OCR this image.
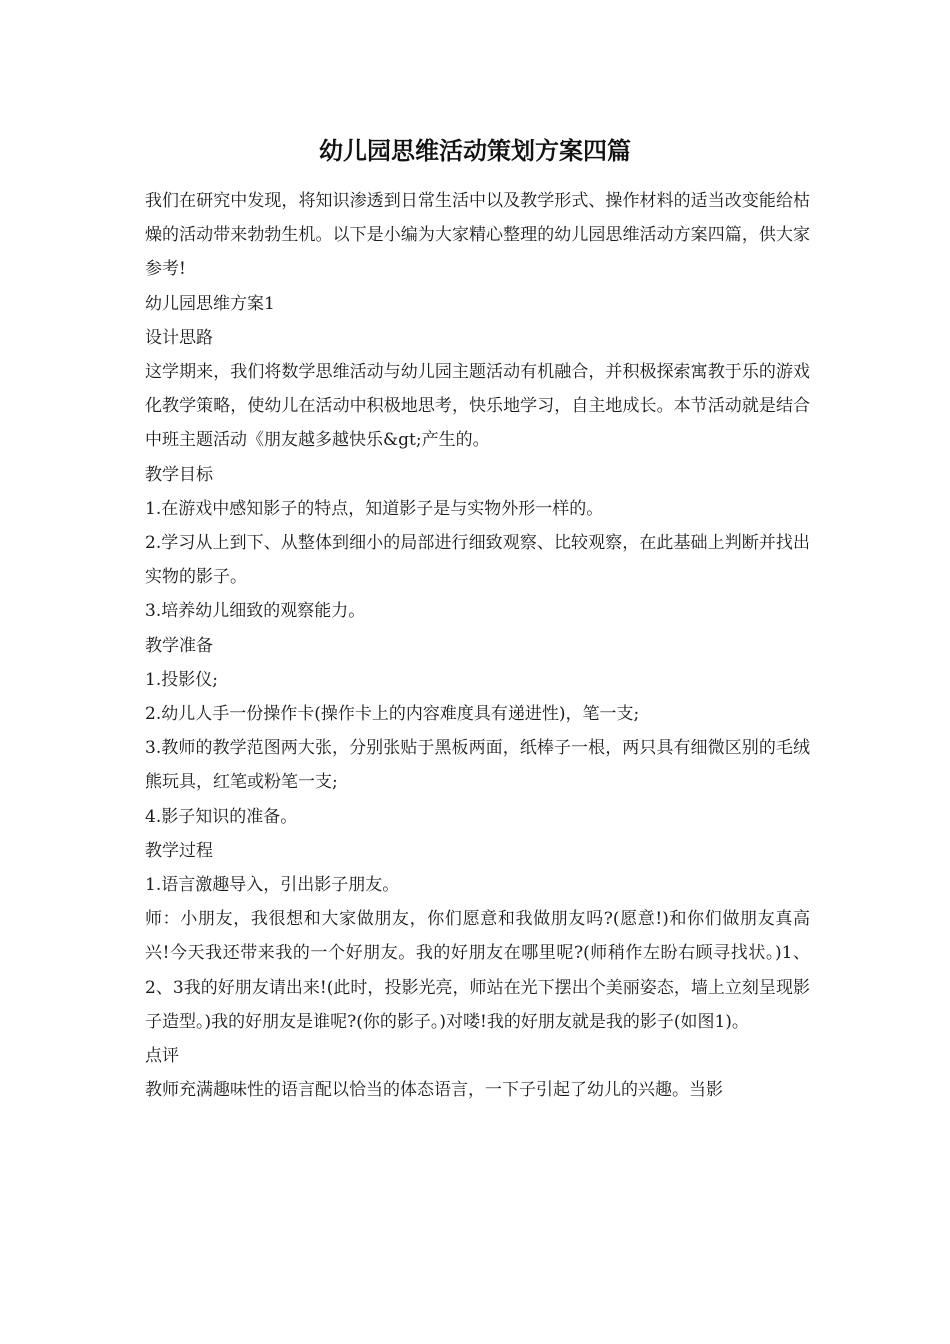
幼儿园思维活动策划方案四篇

我们在研究中发现，将知识渗透到日常生活中以及教学形式、操作材料的适当改变能给枯燥的活动带来勃勃生机。以下是小编为大家精心整理的幼儿园思维活动方案四篇，供大家参考!

幼儿园思维方案1

设计思路

这学期来，我们将数学思维活动与幼儿园主题活动有机融合，并积极探索寓教于乐的游戏化教学策略，使幼儿在活动中积极地思考，快乐地学习，自主地成长。本节活动就是结合中班主题活动《朋友越多越快乐&gt;产生的。

教学目标

1.在游戏中感知影子的特点，知道影子是与实物外形一样的。

2.学习从上到下、从整体到细小的局部进行细致观察、比较观察，在此基础上判断并找出实物的影子。

3.培养幼儿细致的观察能力。

教学准备

1.投影仪;

2.幼儿人手一份操作卡(操作卡上的内容难度具有递进性)，笔一支;

3.教师的教学范图两大张，分别张贴于黑板两面，纸棒子一根，两只具有细微区别的毛绒熊玩具，红笔或粉笔一支;

4.影子知识的准备。

教学过程

1.语言激趣导入，引出影子朋友。

师：小朋友，我很想和大家做朋友，你们愿意和我做朋友吗?(愿意!)和你们做朋友真高兴!今天我还带来我的一个好朋友。我的好朋友在哪里呢?(师稍作左盼右顾寻找状。)1、2、3我的好朋友请出来!(此时，投影光亮，师站在光下摆出个美丽姿态，墙上立刻呈现影子造型。)我的好朋友是谁呢?(你的影子。)对喽!我的好朋友就是我的影子(如图1)。

点评

教师充满趣味性的语言配以恰当的体态语言，一下子引起了幼儿的兴趣。当影
